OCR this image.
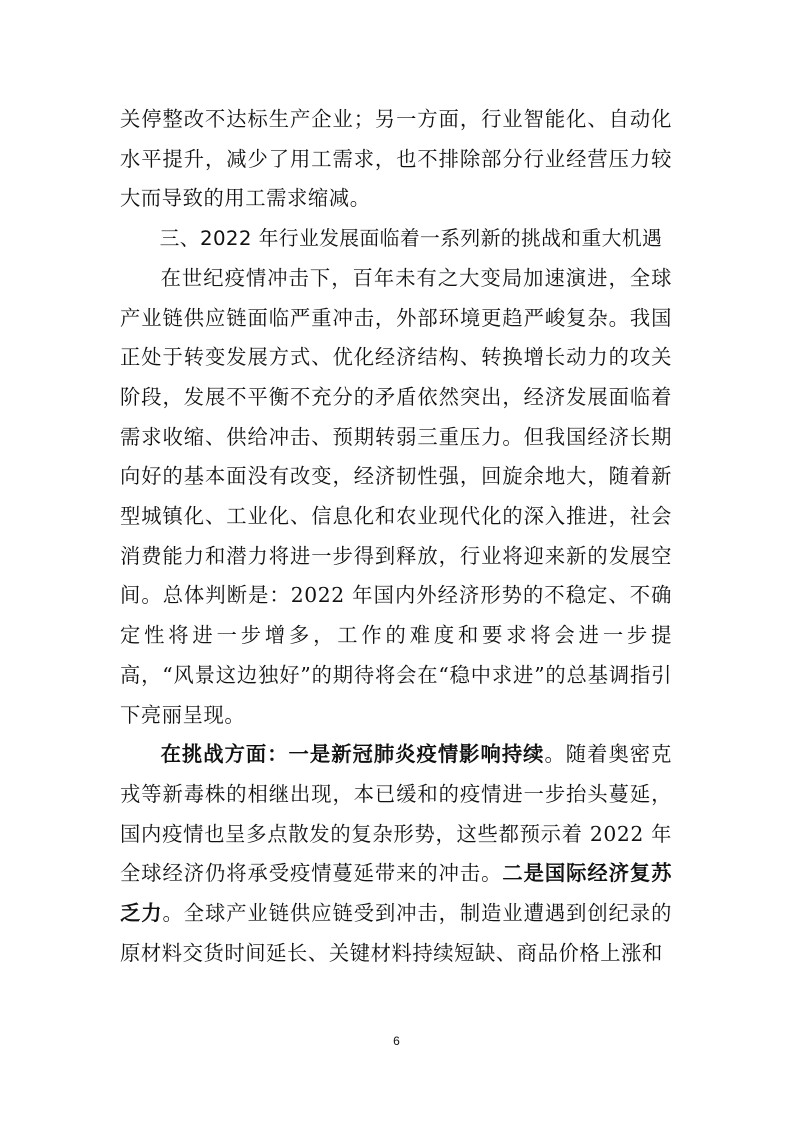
关停整改不达标生产企业；另一方面，行业智能化、自动化水平提升，减少了用工需求，也不排除部分行业经营压力较大而导致的用工需求缩减。

三、2022 年行业发展面临着一系列新的挑战和重大机遇

在世纪疫情冲击下，百年未有之大变局加速演进，全球产业链供应链面临严重冲击，外部环境更趋严峻复杂。我国正处于转变发展方式、优化经济结构、转换增长动力的攻关阶段，发展不平衡不充分的矛盾依然突出，经济发展面临着需求收缩、供给冲击、预期转弱三重压力。但我国经济长期向好的基本面没有改变，经济韧性强，回旋余地大，随着新型城镇化、工业化、信息化和农业现代化的深入推进，社会消费能力和潜力将进一步得到释放，行业将迎来新的发展空间。总体判断是：2022 年国内外经济形势的不稳定、不确定性将进一步增多，工作的难度和要求将会进一步提高，“风景这边独好”的期待将会在“稳中求进”的总基调指引下亮丽呈现。

在挑战方面：一是新冠肺炎疫情影响持续。随着奥密克戎等新毒株的相继出现，本已缓和的疫情进一步抬头蔓延，国内疫情也呈多点散发的复杂形势，这些都预示着 2022 年全球经济仍将承受疫情蔓延带来的冲击。二是国际经济复苏乏力。全球产业链供应链受到冲击，制造业遭遇到创纪录的原材料交货时间延长、关键材料持续短缺、商品价格上涨和

6
